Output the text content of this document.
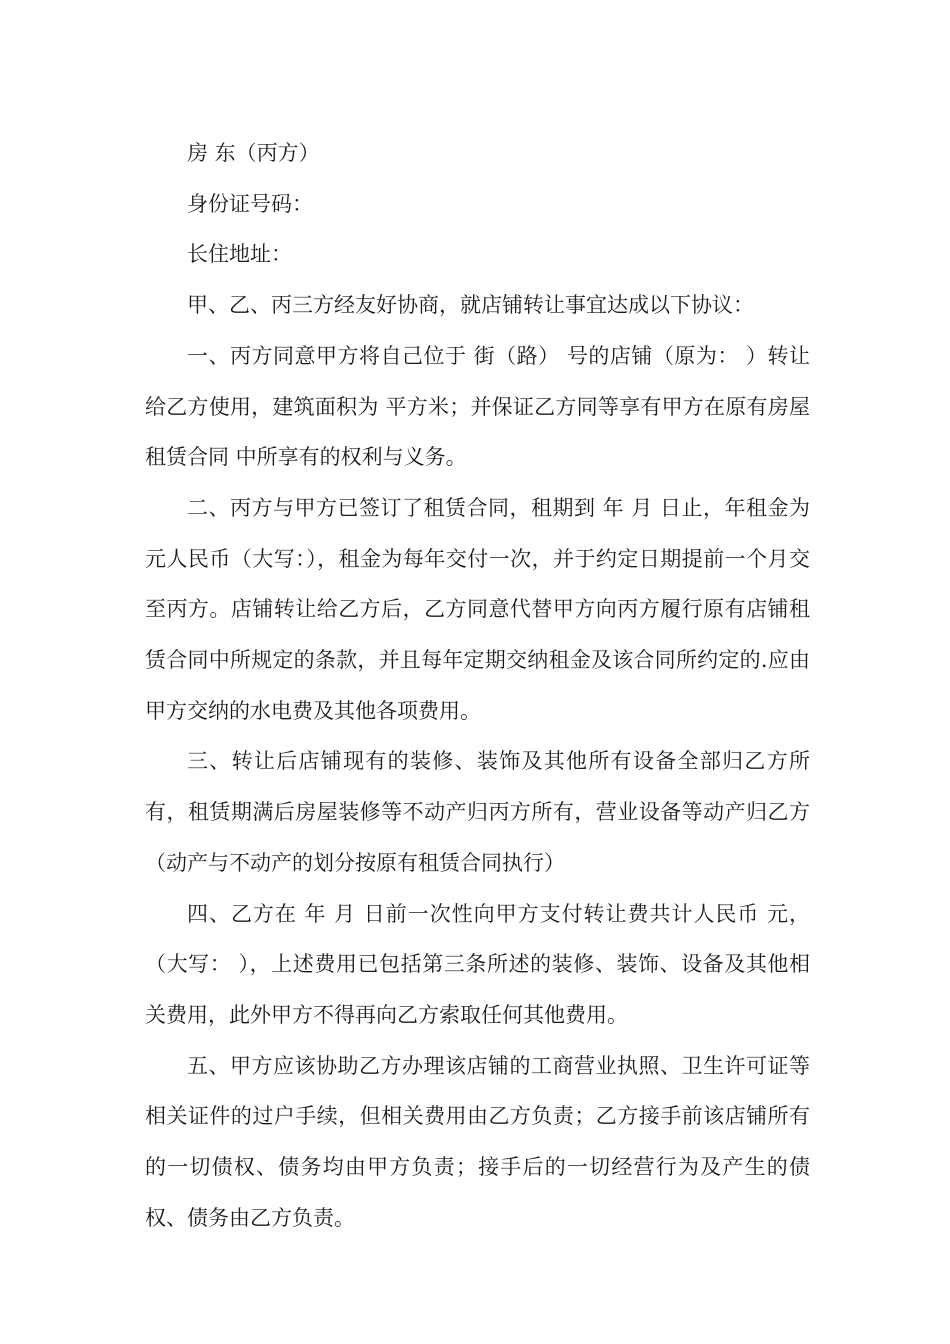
房 东（丙方）

身份证号码：

长住地址：

甲、乙、丙三方经友好协商，就店铺转让事宜达成以下协议：

一、丙方同意甲方将自己位于 街（路） 号的店铺（原为： ）转让给乙方使用，建筑面积为 平方米；并保证乙方同等享有甲方在原有房屋租赁合同 中所享有的权利与义务。

二、丙方与甲方已签订了租赁合同，租期到 年 月 日止，年租金为 元人民币（大写：），租金为每年交付一次，并于约定日期提前一个月交至丙方。店铺转让给乙方后，乙方同意代替甲方向丙方履行原有店铺租赁合同中所规定的条款，并且每年定期交纳租金及该合同所约定的.应由甲方交纳的水电费及其他各项费用。

三、转让后店铺现有的装修、装饰及其他所有设备全部归乙方所有，租赁期满后房屋装修等不动产归丙方所有，营业设备等动产归乙方（动产与不动产的划分按原有租赁合同执行）

四、乙方在 年 月 日前一次性向甲方支付转让费共计人民币 元，（大写： ），上述费用已包括第三条所述的装修、装饰、设备及其他相关费用，此外甲方不得再向乙方索取任何其他费用。

五、甲方应该协助乙方办理该店铺的工商营业执照、卫生许可证等相关证件的过户手续，但相关费用由乙方负责；乙方接手前该店铺所有的一切债权、债务均由甲方负责；接手后的一切经营行为及产生的债权、债务由乙方负责。
